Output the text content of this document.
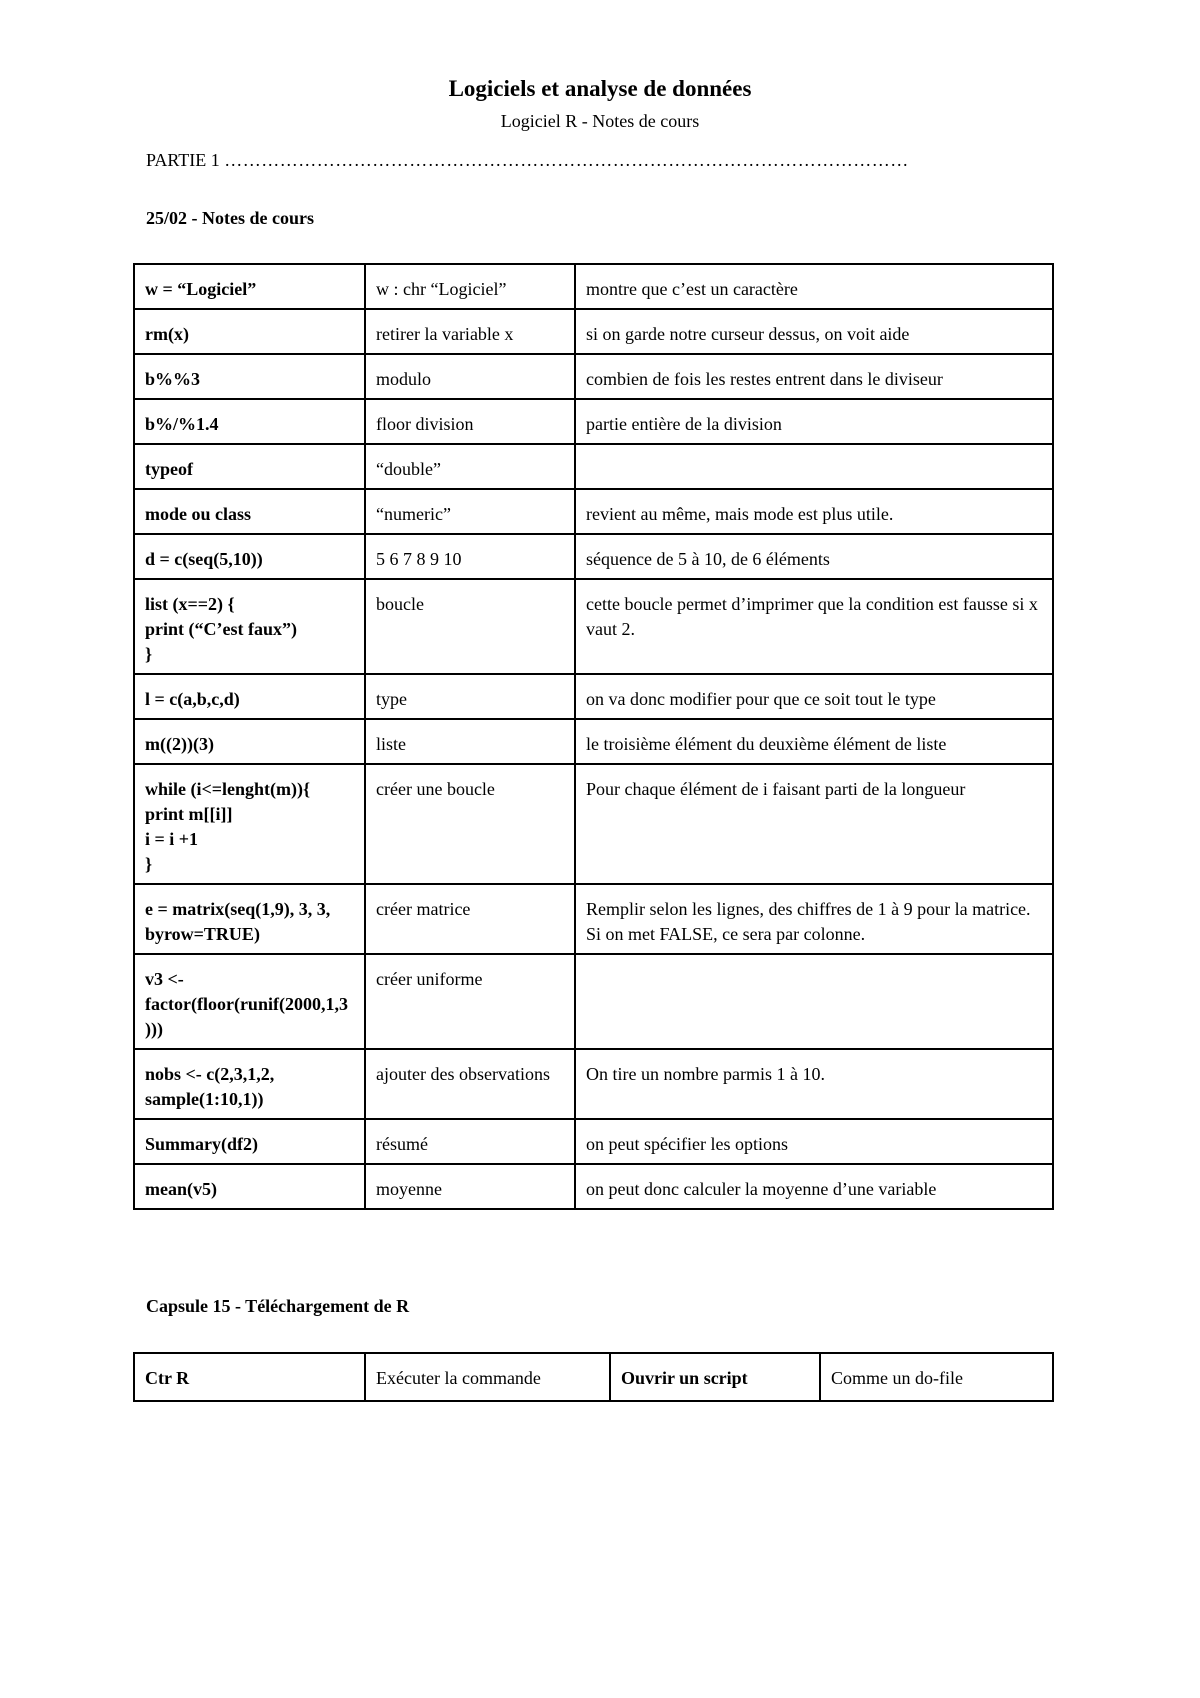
Logiciels et analyse de données
Logiciel R - Notes de cours
PARTIE 1 …………………………………………………………………………………………………
25/02 - Notes de cours
w = “Logiciel”	w : chr “Logiciel”	montre que c’est un caractère

rm(x)	retirer la variable x	si on garde notre curseur dessus, on voit aide

b%%3	modulo	combien de fois les restes entrent dans le diviseur

b%/%1.4	floor division	partie entière de la division

typeof	“double”	

mode ou class	“numeric”	revient au même, mais mode est plus utile.

d = c(seq(5,10))	5 6 7 8 9 10	séquence de 5 à 10, de 6 éléments

list (x==2) {
print (“C’est faux”)
}	boucle	cette boucle permet d’imprimer que la condition est fausse si x vaut 2.

l = c(a,b,c,d)	type	on va donc modifier pour que ce soit tout le type

m((2))(3)	liste	le troisième élément du deuxième élément de liste

while (i<=lenght(m)){
print m[[i]]
i = i +1
}	créer une boucle	Pour chaque élément de i faisant parti de la longueur

e = matrix(seq(1,9), 3, 3, byrow=TRUE)	créer matrice	Remplir selon les lignes, des chiffres de 1 à 9 pour la matrice. Si on met FALSE, ce sera par colonne.

v3 <- factor(floor(runif(2000,1,3 )))	créer uniforme	

nobs <- c(2,3,1,2, sample(1:10,1))	ajouter des observations	On tire un nombre parmis 1 à 10.

Summary(df2)	résumé	on peut spécifier les options

mean(v5)	moyenne	on peut donc calculer la moyenne d’une variable
Capsule 15 - Téléchargement de R
Ctr R	Exécuter la commande	Ouvrir un script	Comme un do-file
